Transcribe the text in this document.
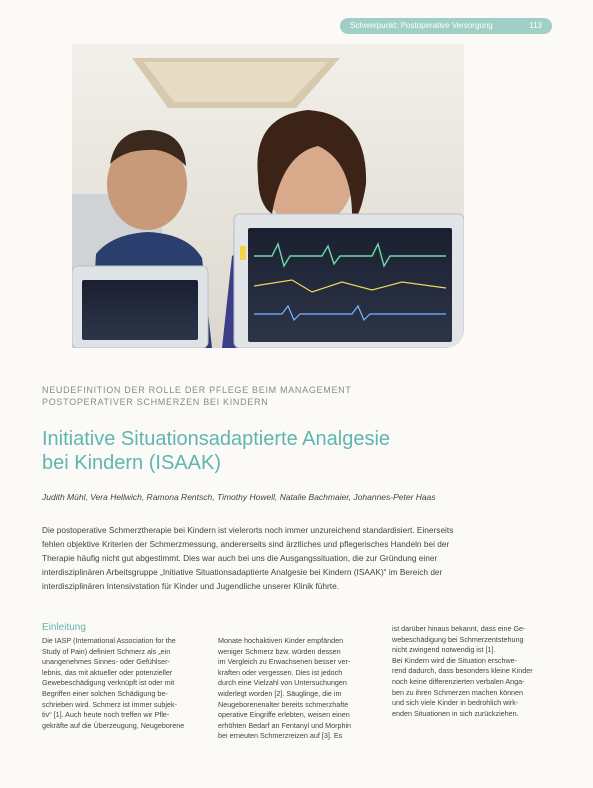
Schwerpunkt: Postoperative Versorgung	113
NEUDEFINITION DER ROLLE DER PFLEGE BEIM MANAGEMENT
POSTOPERATIVER SCHMERZEN BEI KINDERN
Initiative Situationsadaptierte Analgesie
bei Kindern (ISAAK)
Judith Mühl, Vera Hellwich, Ramona Rentsch, Timothy Howell, Natalie Bachmaier, Johannes-Peter Haas
Die postoperative Schmerztherapie bei Kindern ist vielerorts noch immer unzureichend standardisiert. Einerseits
fehlen objektive Kriterien der Schmerzmessung, andererseits sind ärztliches und pflegerisches Handeln bei der
Therapie häufig nicht gut abgestimmt. Dies war auch bei uns die Ausgangssituation, die zur Gründung einer
interdisziplinären Arbeitsgruppe „Initiative Situationsadaptierte Analgesie bei Kindern (ISAAK)“ im Bereich der
interdisziplinären Intensivstation für Kinder und Jugendliche unserer Klinik führte.
Einleitung
Die IASP (International Association for the
Study of Pain) definiert Schmerz als „ein
unangenehmes Sinnes- oder Gefühlser-
lebnis, das mit aktueller oder potenzieller
Gewebeschädigung verknüpft ist oder mit
Begriffen einer solchen Schädigung be-
schrieben wird. Schmerz ist immer subjek-
tiv“ [1]. Auch heute noch treffen wir Pfle-
gekräfte auf die Überzeugung, Neugeborene
Monate hochaktiven Kinder empfänden
weniger Schmerz bzw. würden dessen
im Vergleich zu Erwachsenen besser ver-
kraften oder vergessen. Dies ist jedoch
durch eine Vielzahl von Untersuchungen
widerlegt worden [2]. Säuglinge, die im
Neugeborenenalter bereits schmerzhafte
operative Eingriffe erlebten, weisen einen
erhöhten Bedarf an Fentanyl und Morphin
bei erneuten Schmerzreizen auf [3]. Es
ist darüber hinaus bekannt, dass eine Ge-
webeschädigung bei Schmerzentstehung
nicht zwingend notwendig ist [1].
Bei Kindern wird die Situation erschwe-
rend dadurch, dass besonders kleine Kinder
noch keine differenzierten verbalen Anga-
ben zu ihren Schmerzen machen können
und sich viele Kinder in bedrohlich wirk-
enden Situationen in sich zurückziehen.
